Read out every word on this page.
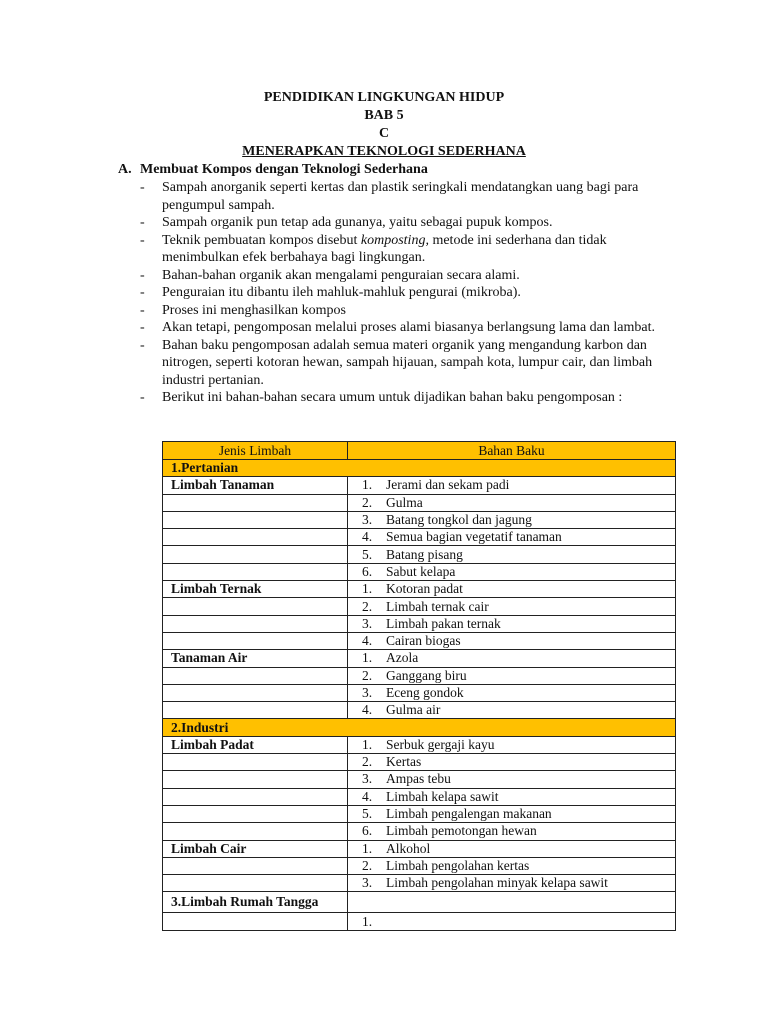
PENDIDIKAN LINGKUNGAN HIDUP
BAB 5
C
MENERAPKAN TEKNOLOGI SEDERHANA
A. Membuat Kompos dengan Teknologi Sederhana
- Sampah anorganik seperti kertas dan plastik seringkali mendatangkan uang bagi para pengumpul sampah.
- Sampah organik pun tetap ada gunanya, yaitu sebagai pupuk kompos.
- Teknik pembuatan kompos disebut komposting, metode ini sederhana dan tidak menimbulkan efek berbahaya bagi lingkungan.
- Bahan-bahan organik akan mengalami penguraian secara alami.
- Penguraian itu dibantu ileh mahluk-mahluk pengurai (mikroba).
- Proses ini menghasilkan kompos
- Akan tetapi, pengomposan melalui proses alami biasanya berlangsung lama dan lambat.
- Bahan baku pengomposan adalah semua materi organik yang mengandung karbon dan nitrogen, seperti kotoran hewan, sampah hijauan, sampah kota, lumpur cair, dan limbah industri pertanian.
- Berikut ini bahan-bahan secara umum untuk dijadikan bahan baku pengomposan :
Jenis Limbah	Bahan Baku
1.Pertanian	
Limbah Tanaman	1. Jerami dan sekam padi
	2. Gulma
	3. Batang tongkol dan jagung
	4. Semua bagian vegetatif tanaman
	5. Batang pisang
	6. Sabut kelapa
Limbah Ternak	1. Kotoran padat
	2. Limbah ternak cair
	3. Limbah pakan ternak
	4. Cairan biogas
Tanaman Air	1. Azola
	2. Ganggang biru
	3. Eceng gondok
	4. Gulma air
2.Industri	
Limbah Padat	1. Serbuk gergaji kayu
	2. Kertas
	3. Ampas tebu
	4. Limbah kelapa sawit
	5. Limbah pengalengan makanan
	6. Limbah pemotongan hewan
Limbah Cair	1. Alkohol
	2. Limbah pengolahan kertas
	3. Limbah pengolahan minyak kelapa sawit
3.Limbah Rumah Tangga	
	1.
